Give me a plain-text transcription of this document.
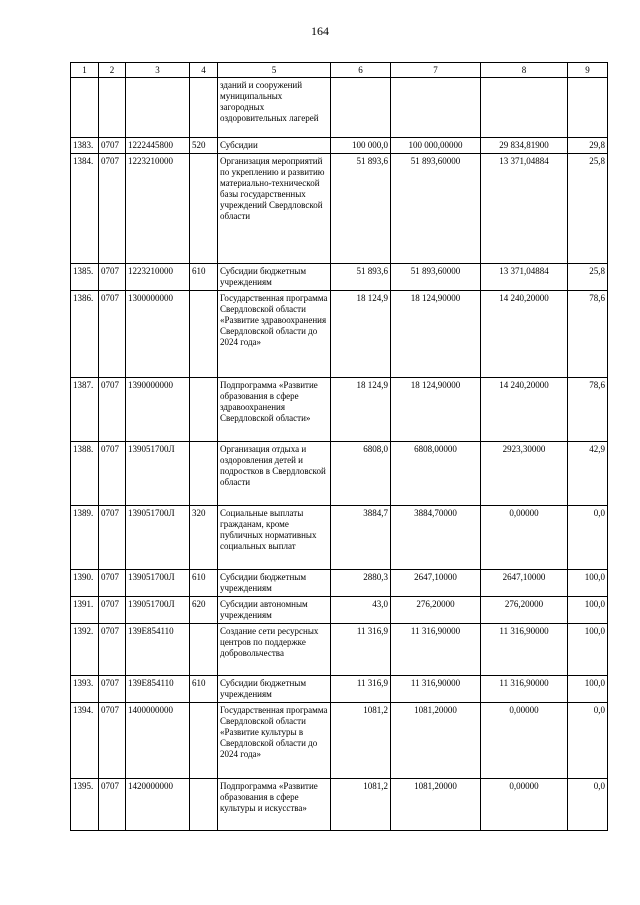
164
1	2	3	4	5	6	7	8	9
				зданий и сооружений муниципальных загородных оздоровительных лагерей				
1383.	0707	1222445800	520	Субсидии	100 000,0	100 000,00000	29 834,81900	29,8
1384.	0707	1223210000		Организация мероприятий по укреплению и развитию материально-технической базы государственных учреждений Свердловской области	51 893,6	51 893,60000	13 371,04884	25,8
1385.	0707	1223210000	610	Субсидии бюджетным учреждениям	51 893,6	51 893,60000	13 371,04884	25,8
1386.	0707	1300000000		Государственная программа Свердловской области «Развитие здравоохранения Свердловской области до 2024 года»	18 124,9	18 124,90000	14 240,20000	78,6
1387.	0707	1390000000		Подпрограмма «Развитие образования в сфере здравоохранения Свердловской области»	18 124,9	18 124,90000	14 240,20000	78,6
1388.	0707	139051700Л		Организация отдыха и оздоровления детей и подростков в Свердловской области	6808,0	6808,00000	2923,30000	42,9
1389.	0707	139051700Л	320	Социальные выплаты гражданам, кроме публичных нормативных социальных выплат	3884,7	3884,70000	0,00000	0,0
1390.	0707	139051700Л	610	Субсидии бюджетным учреждениям	2880,3	2647,10000	2647,10000	100,0
1391.	0707	139051700Л	620	Субсидии автономным учреждениям	43,0	276,20000	276,20000	100,0
1392.	0707	139E854110		Создание сети ресурсных центров по поддержке добровольчества	11 316,9	11 316,90000	11 316,90000	100,0
1393.	0707	139E854110	610	Субсидии бюджетным учреждениям	11 316,9	11 316,90000	11 316,90000	100,0
1394.	0707	1400000000		Государственная программа Свердловской области «Развитие культуры в Свердловской области до 2024 года»	1081,2	1081,20000	0,00000	0,0
1395.	0707	1420000000		Подпрограмма «Развитие образования в сфере культуры и искусства»	1081,2	1081,20000	0,00000	0,0
